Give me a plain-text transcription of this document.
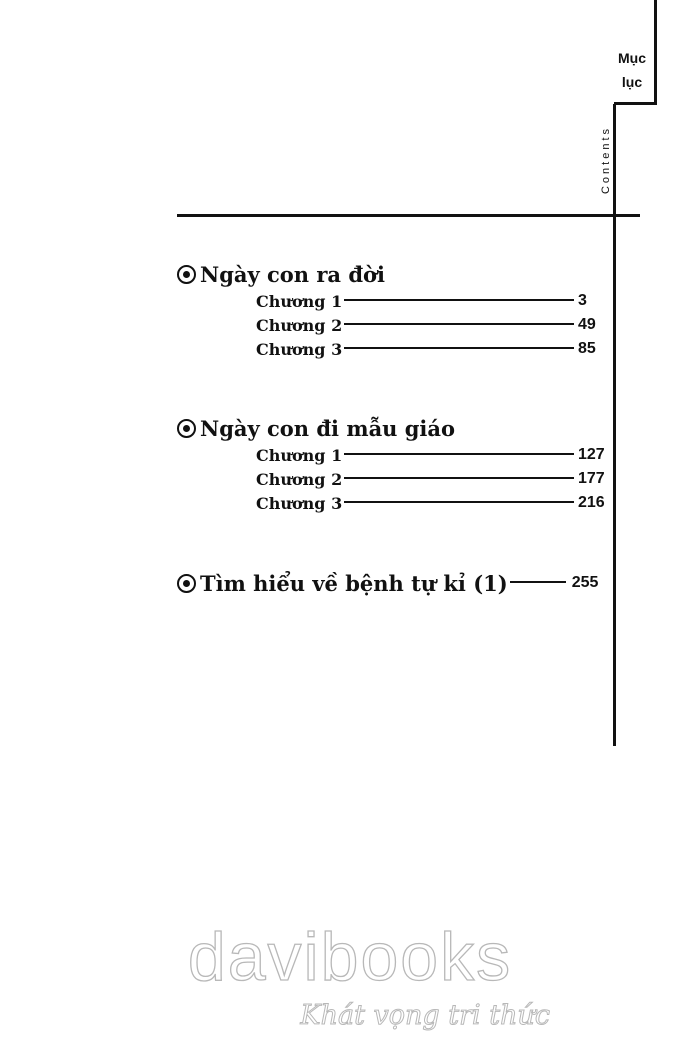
Mục
lục
Contents
Ngày con ra đời
Chương 1	3
Chương 2	49
Chương 3	85
Ngày con đi mẫu giáo
Chương 1	127
Chương 2	177
Chương 3	216
Tìm hiểu về bệnh tự kỉ (1)	255
davibooks
Khát vọng tri thức
